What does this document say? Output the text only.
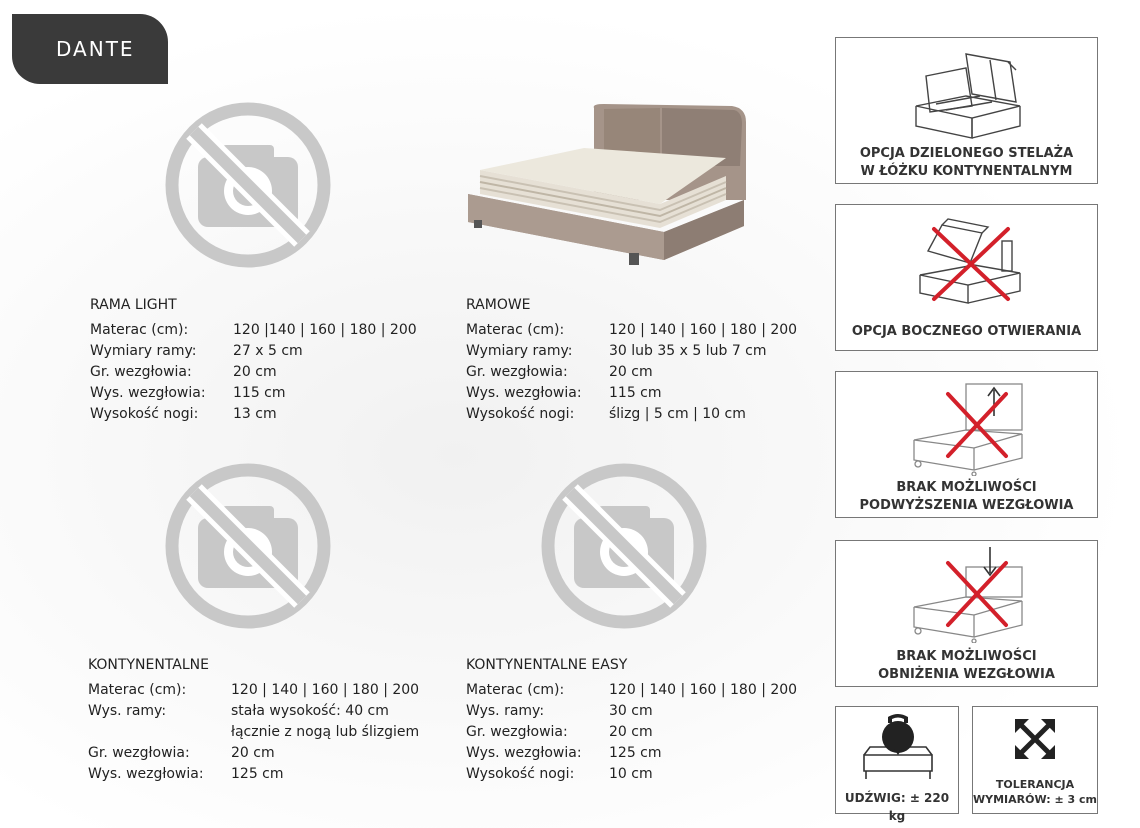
DANTE
RAMA LIGHT
Materac (cm):	120 |140 | 160 | 180 | 200
Wymiary ramy:	27 x 5 cm
Gr. wezgłowia:	20 cm
Wys. wezgłowia:	115 cm
Wysokość nogi:	13 cm
RAMOWE
Materac (cm):	120 | 140 | 160 | 180 | 200
Wymiary ramy:	30 lub 35 x 5 lub 7 cm
Gr. wezgłowia:	20 cm
Wys. wezgłowia:	115 cm
Wysokość nogi:	ślizg | 5 cm | 10 cm
KONTYNENTALNE
Materac (cm):	120 | 140 | 160 | 180 | 200
Wys. ramy:	stała wysokość: 40 cm
łącznie z nogą lub ślizgiem
Gr. wezgłowia:	20 cm
Wys. wezgłowia:	125 cm
KONTYNENTALNE EASY
Materac (cm):	120 | 140 | 160 | 180 | 200
Wys. ramy:	30 cm
Gr. wezgłowia:	20 cm
Wys. wezgłowia:	125 cm
Wysokość nogi:	10 cm
OPCJA DZIELONEGO STELAŻA
W ŁÓŻKU KONTYNENTALNYM
OPCJA BOCZNEGO OTWIERANIA
BRAK MOŻLIWOŚCI
PODWYŻSZENIA WEZGŁOWIA
BRAK MOŻLIWOŚCI
OBNIŻENIA WEZGŁOWIA
UDŹWIG: ± 220 kg
TOLERANCJA
WYMIARÓW: ± 3 cm
